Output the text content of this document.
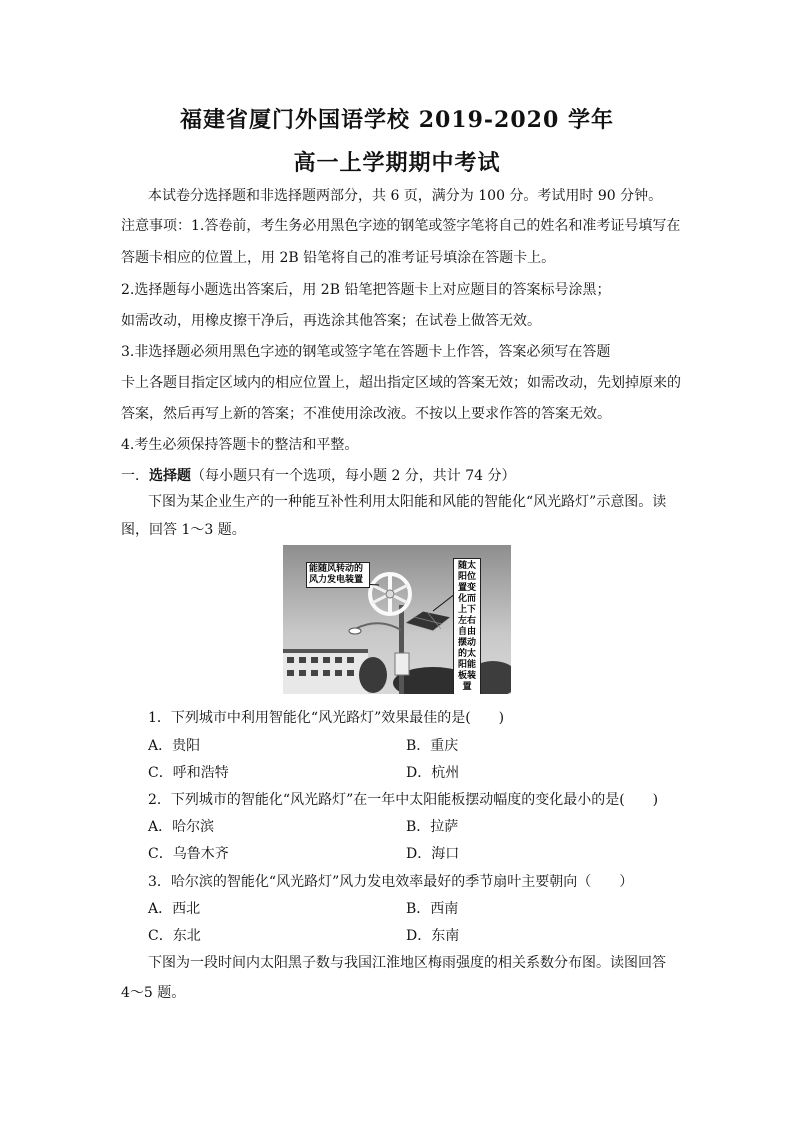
福建省厦门外国语学校 2019-2020 学年
高一上学期期中考试
本试卷分选择题和非选择题两部分，共 6 页，满分为 100 分。考试用时 90 分钟。
注意事项：1.答卷前，考生务必用黑色字迹的钢笔或签字笔将自己的姓名和准考证号填写在
答题卡相应的位置上，用 2B 铅笔将自己的准考证号填涂在答题卡上。
2.选择题每小题选出答案后，用 2B 铅笔把答题卡上对应题目的答案标号涂黑；
如需改动，用橡皮擦干净后，再选涂其他答案；在试卷上做答无效。
3.非选择题必须用黑色字迹的钢笔或签字笔在答题卡上作答，答案必须写在答题
卡上各题目指定区域内的相应位置上，超出指定区域的答案无效；如需改动，先划掉原来的
答案，然后再写上新的答案；不准使用涂改液。不按以上要求作答的答案无效。
4.考生必须保持答题卡的整洁和平整。
一．选择题（每小题只有一个选项，每小题 2 分，共计 74 分）
下图为某企业生产的一种能互补性利用太阳能和风能的智能化“风光路灯”示意图。读
图，回答 1～3 题。
能随风转动的风力发电装置
随太阳位置变化而上下左右自由摆动的太阳能板装置
1．下列城市中利用智能化“风光路灯”效果最佳的是(　　)
A．贵阳	B．重庆
C．呼和浩特	D．杭州
2．下列城市的智能化“风光路灯”在一年中太阳能板摆动幅度的变化最小的是(　　)
A．哈尔滨	B．拉萨
C．乌鲁木齐	D．海口
3．哈尔滨的智能化“风光路灯”风力发电效率最好的季节扇叶主要朝向（　　）
A．西北	B．西南
C．东北	D．东南
下图为一段时间内太阳黑子数与我国江淮地区梅雨强度的相关系数分布图。读图回答
4～5 题。
